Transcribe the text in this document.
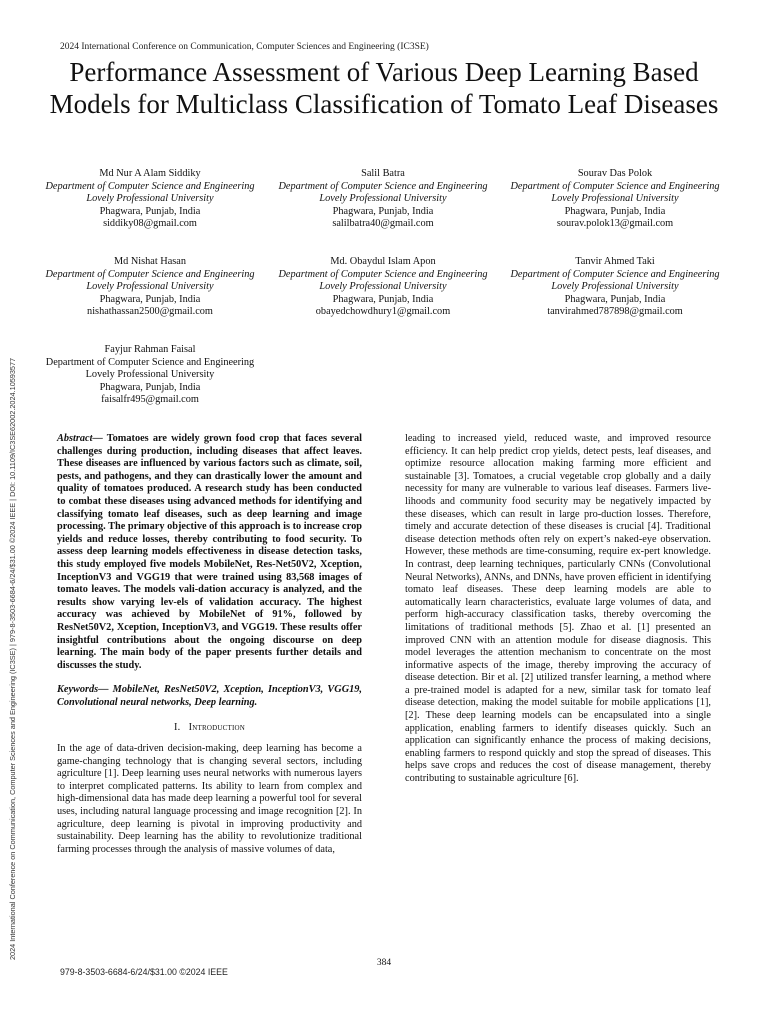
2024 International Conference on Communication, Computer Sciences and Engineering (IC3SE)
Performance Assessment of Various Deep Learning Based Models for Multiclass Classification of Tomato Leaf Diseases
2024 International Conference on Communication, Computer Sciences and Engineering (IC3SE) | 979-8-3503-6684-6/24/$31.00 ©2024 IEEE | DOI: 10.1109/IC3SE62002.2024.10593577
Md Nur A Alam Siddiky
Department of Computer Science and Engineering
Lovely Professional University
Phagwara, Punjab, India
siddiky08@gmail.com
Salil Batra
Department of Computer Science and Engineering
Lovely Professional University
Phagwara, Punjab, India
salilbatra40@gmail.com
Sourav Das Polok
Department of Computer Science and Engineering
Lovely Professional University
Phagwara, Punjab, India
sourav.polok13@gmail.com
Md Nishat Hasan
Department of Computer Science and Engineering
Lovely Professional University
Phagwara, Punjab, India
nishathassan2500@gmail.com
Md. Obaydul Islam Apon
Department of Computer Science and Engineering
Lovely Professional University
Phagwara, Punjab, India
obayedchowdhury1@gmail.com
Tanvir Ahmed Taki
Department of Computer Science and Engineering
Lovely Professional University
Phagwara, Punjab, India
tanvirahmed787898@gmail.com
Fayjur Rahman Faisal
Department of Computer Science and Engineering
Lovely Professional University
Phagwara, Punjab, India
faisalfr495@gmail.com

Abstract— Tomatoes are widely grown food crop that faces several challenges during production, including diseases that affect leaves. These diseases are influenced by various factors such as climate, soil, pests, and pathogens, and they can drastically lower the amount and quality of tomatoes produced. A research study has been conducted to combat these diseases using advanced methods for identifying and classifying tomato leaf diseases, such as deep learning and image processing. The primary objective of this approach is to increase crop yields and reduce losses, thereby contributing to food security. To assess deep learning models effectiveness in disease detection tasks, this study employed five models MobileNet, Res-Net50V2, Xception, InceptionV3 and VGG19 that were trained using 83,568 images of tomato leaves. The models vali-dation accuracy is analyzed, and the results show varying lev-els of validation accuracy. The highest accuracy was achieved by MobileNet of 91%, followed by ResNet50V2, Xception, InceptionV3, and VGG19. These results offer insightful contributions about the ongoing discourse on deep learning. The main body of the paper presents further details and discusses the study.

Keywords— MobileNet, ResNet50V2, Xception, InceptionV3, VGG19, Convolutional neural networks, Deep learning.

I. Introduction

In the age of data-driven decision-making, deep learning has become a game-changing technology that is changing several sectors, including agriculture [1]. Deep learning uses neural networks with numerous layers to interpret complicated patterns. Its ability to learn from complex and high-dimensional data has made deep learning a powerful tool for several uses, including natural language processing and image recognition [2]. In agriculture, deep learning is pivotal in improving productivity and sustainability. Deep learning has the ability to revolutionize traditional farming processes through the analysis of massive volumes of data,

leading to increased yield, reduced waste, and improved resource efficiency. It can help predict crop yields, detect pests, leaf diseases, and optimize resource allocation making farming more efficient and sustainable [3]. Tomatoes, a crucial vegetable crop globally and a daily necessity for many are vulnerable to various leaf diseases. Farmers live-lihoods and community food security may be negatively impacted by these diseases, which can result in large pro-duction losses. Therefore, timely and accurate detection of these diseases is crucial [4]. Traditional disease detection methods often rely on expert’s naked-eye observation. However, these methods are time-consuming, require ex-pert knowledge. In contrast, deep learning techniques, particularly CNNs (Convolutional Neural Networks), ANNs, and DNNs, have proven efficient in identifying tomato leaf diseases. These deep learning models are able to automatically learn characteristics, evaluate large volumes of data, and perform high-accuracy classification tasks, thereby overcoming the limitations of traditional methods [5]. Zhao et al. [1] presented an improved CNN with an attention module for disease diagnosis. This model leverages the attention mechanism to concentrate on the most informative aspects of the image, thereby improving the accuracy of disease detection. Bir et al. [2] utilized transfer learning, a method where a pre-trained model is adapted for a new, similar task for tomato leaf disease detection, making the model suitable for mobile applications [1], [2]. These deep learning models can be encapsulated into a single application, enabling farmers to identify diseases quickly. Such an application can significantly enhance the process of making decisions, enabling farmers to respond quickly and stop the spread of diseases. This helps save crops and reduces the cost of disease management, thereby contributing to sustainable agriculture [6].

384
979-8-3503-6684-6/24/$31.00 ©2024 IEEE
